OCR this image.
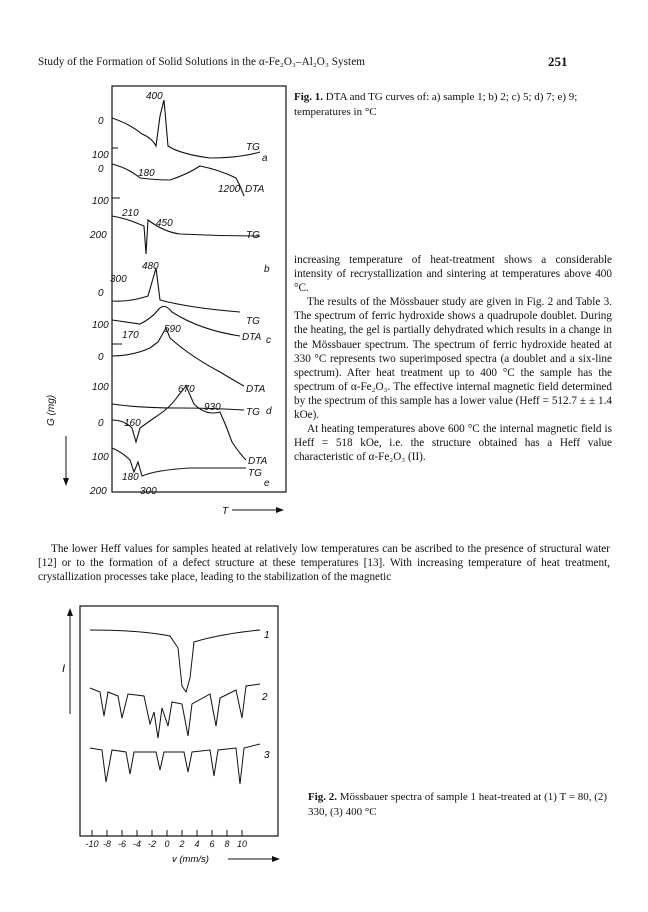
Study of the Formation of Solid Solutions in the α-Fe₂O₃–Al₂O₃ System	251
400
0
100
TG
a
0	180
1200 DTA
100
210
450
200	TG
480	b
300
0
TG
100
170
590
DTA c
0
100	DTA
TG d
0 160
670
930
100	DTA
TG
180
200	300
e
T
G (mg)
Fig. 1. DTA and TG curves of: a) sample 1; b) 2; c) 5; d) 7; e) 9; temperatures in °C

increasing temperature of heat-treatment shows a considerable intensity of recrystallization and sintering at temperatures above 400 °C.

The results of the Mössbauer study are given in Fig. 2 and Table 3. The spectrum of ferric hydroxide shows a quadrupole doublet. During the heating, the gel is partially dehydrated which results in a change in the Mössbauer spectrum. The spectrum of ferric hydroxide heated at 330 °C represents two superimposed spectra (a doublet and a six-line spectrum). After heat treatment up to 400 °C the sample has the spectrum of α-Fe₂O₃. The effective internal magnetic field determined by the spectrum of this sample has a lower value (Heff = 512.7 ± ± 1.4 kOe).

At heating temperatures above 600 °C the internal magnetic field is Heff = 518 kOe, i.e. the structure obtained has a Heff value characteristic of α-Fe₂O₃ (II).

The lower Heff values for samples heated at relatively low temperatures can be ascribed to the presence of structural water [12] or to the formation of a defect structure at these temperatures [13]. With increasing temperature of heat treatment, crystallization processes take place, leading to the stabilization of the magnetic

I
1
2
3
-10 -8 -6 -4 -2 0 2 4 6 8 10
v (mm/s)
Fig. 2. Mössbauer spectra of sample 1 heat-treated at (1) T = 80, (2) 330, (3) 400 °C
